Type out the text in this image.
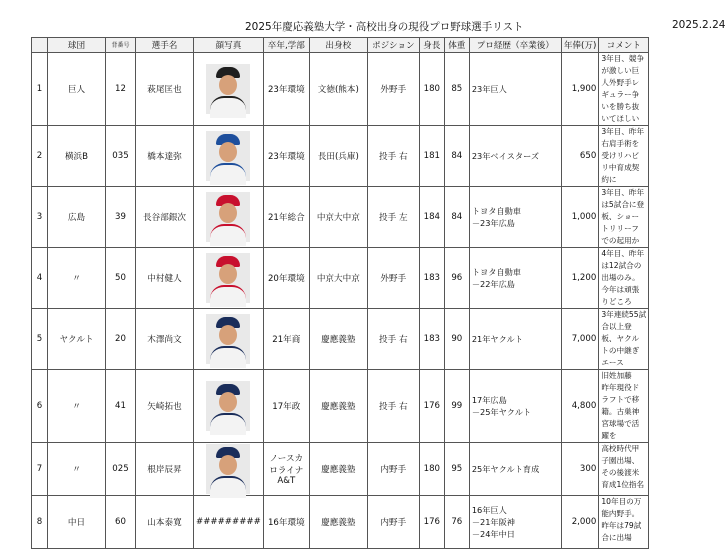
2025年慶応義塾大学・高校出身の現役プロ野球選手リスト	2025.2.24
	球団	背番号	選手名	顔写真	卒年,学部	出身校	ポジション	身長	体重	プロ経歴（卒業後）	年俸(万)	コメント
1	巨人	12	萩尾匡也		23年環境	文徳(熊本)	外野手	180	85	23年巨人	1,900	3年目、競争が激しい巨人外野手レギュラー争いを勝ち抜いてほしい
2	横浜B	035	橋本達弥		23年環境	長田(兵庫)	投手 右	181	84	23年ベイスターズ	650	3年目、昨年右肩手術を受けリハビリ中育成契約に
3	広島	39	長谷部銀次		21年総合	中京大中京	投手 左	184	84	トヨタ自動車
－23年広島	1,000	3年目、昨年は5試合に登板、ショートリリーフでの起用か
4	〃	50	中村健人		20年環境	中京大中京	外野手	183	96	トヨタ自動車
－22年広島	1,200	4年目、昨年は12試合の出場のみ。今年は頑張りどころ
5	ヤクルト	20	木澤尚文		21年商	慶應義塾	投手 右	183	90	21年ヤクルト	7,000	3年連続55試合以上登板、ヤクルトの中継ぎエース
6	〃	41	矢崎拓也		17年政	慶應義塾	投手 右	176	99	17年広島
－25年ヤクルト	4,800	旧姓加藤　昨年現役ドラフトで移籍。古巣神宮球場で活躍を
7	〃	025	根岸辰昇		ノースカロライナA&T	慶應義塾	内野手	180	95	25年ヤクルト育成	300	高校時代甲子園出場、その後渡米育成1位指名
8	中日	60	山本泰寛	#########	16年環境	慶應義塾	内野手	176	76	16年巨人
－21年阪神
－24年中日	2,000	10年目の万能内野手。昨年は79試合に出場
